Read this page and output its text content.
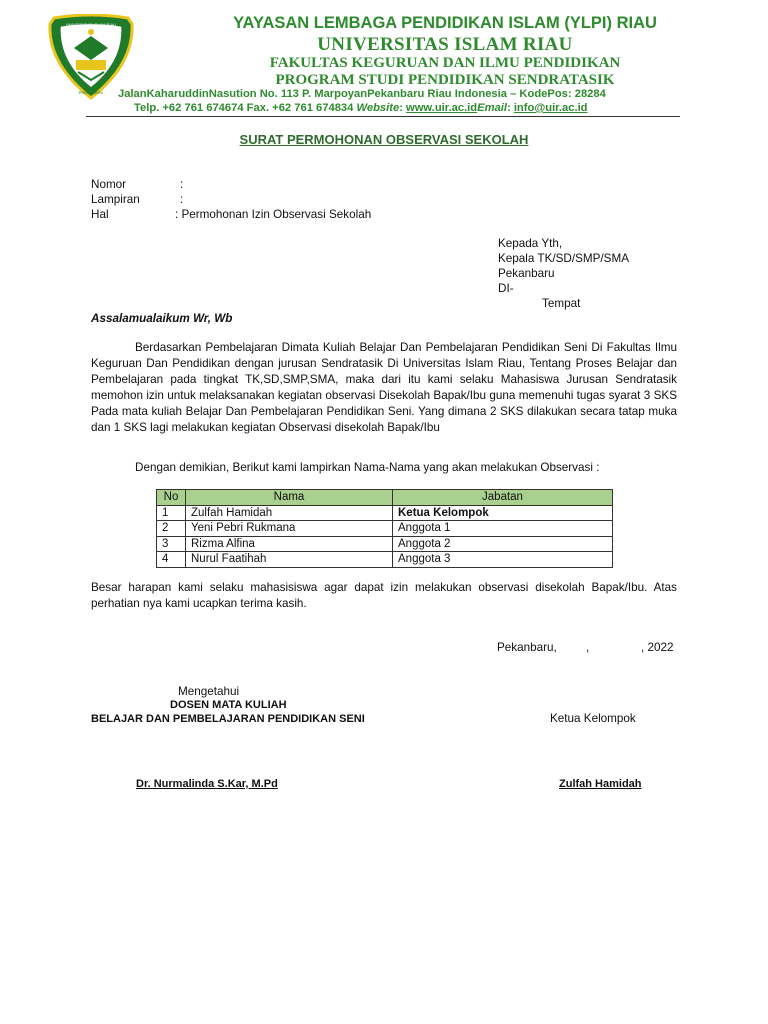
UNIVERSITAS ISLAM RIAU
PEKANBARU
YAYASAN LEMBAGA PENDIDIKAN ISLAM (YLPI) RIAU
UNIVERSITAS ISLAM RIAU
FAKULTAS KEGURUAN DAN ILMU PENDIDIKAN
PROGRAM STUDI PENDIDIKAN SENDRATASIK
JalanKaharuddinNasution No. 113 P. MarpoyanPekanbaru Riau Indonesia – KodePos: 28284
Telp. +62 761 674674 Fax. +62 761 674834 Website: www.uir.ac.idEmail: info@uir.ac.id
SURAT PERMOHONAN OBSERVASI SEKOLAH
Nomor	:
Lampiran	:
Hal	: Permohonan Izin Observasi Sekolah
Kepada Yth,
Kepala TK/SD/SMP/SMA
Pekanbaru
DI-
Tempat
Assalamualaikum Wr, Wb
Berdasarkan Pembelajaran Dimata Kuliah Belajar Dan Pembelajaran Pendidikan Seni Di Fakultas Ilmu Keguruan Dan Pendidikan dengan jurusan Sendratasik Di Universitas Islam Riau, Tentang Proses Belajar dan Pembelajaran pada tingkat TK,SD,SMP,SMA, maka dari itu kami selaku Mahasiswa Jurusan Sendratasik memohon izin untuk melaksanakan kegiatan observasi Disekolah Bapak/Ibu guna memenuhi tugas syarat 3 SKS Pada mata kuliah Belajar Dan Pembelajaran Pendidikan Seni. Yang dimana 2 SKS dilakukan secara tatap muka dan 1 SKS lagi melakukan kegiatan Observasi disekolah Bapak/Ibu
Dengan demikian, Berikut kami lampirkan Nama-Nama yang akan melakukan Observasi :
No	Nama	Jabatan
1	Zulfah Hamidah	Ketua Kelompok
2	Yeni Pebri Rukmana	Anggota 1
3	Rizma Alfina	Anggota 2
4	Nurul Faatihah	Anggota 3
Besar harapan kami selaku mahasisiswa agar dapat izin melakukan observasi disekolah Bapak/Ibu. Atas perhatian nya kami ucapkan terima kasih.
Pekanbaru, ,	, 2022
Mengetahui
DOSEN MATA KULIAH
BELAJAR DAN PEMBELAJARAN PENDIDIKAN SENI	Ketua Kelompok
Dr. Nurmalinda S.Kar, M.Pd	Zulfah Hamidah
